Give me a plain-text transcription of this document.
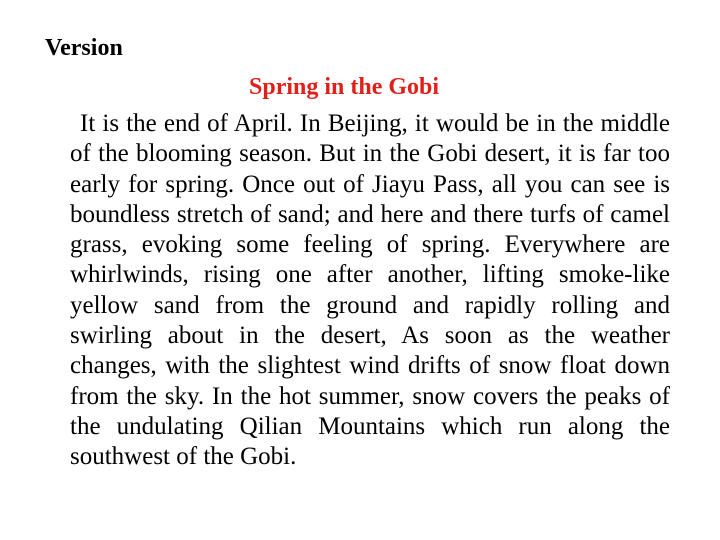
Version
Spring in the Gobi

It is the end of April. In Beijing, it would be in the middle of the blooming season. But in the Gobi desert, it is far too early for spring. Once out of Jiayu Pass, all you can see is boundless stretch of sand; and here and there turfs of camel grass, evoking some feeling of spring. Everywhere are whirlwinds, rising one after another, lifting smoke-like yellow sand from the ground and rapidly rolling and swirling about in the desert, As soon as the weather changes, with the slightest wind drifts of snow float down from the sky. In the hot summer, snow covers the peaks of the undulating Qilian Mountains which run along the southwest of the Gobi.
